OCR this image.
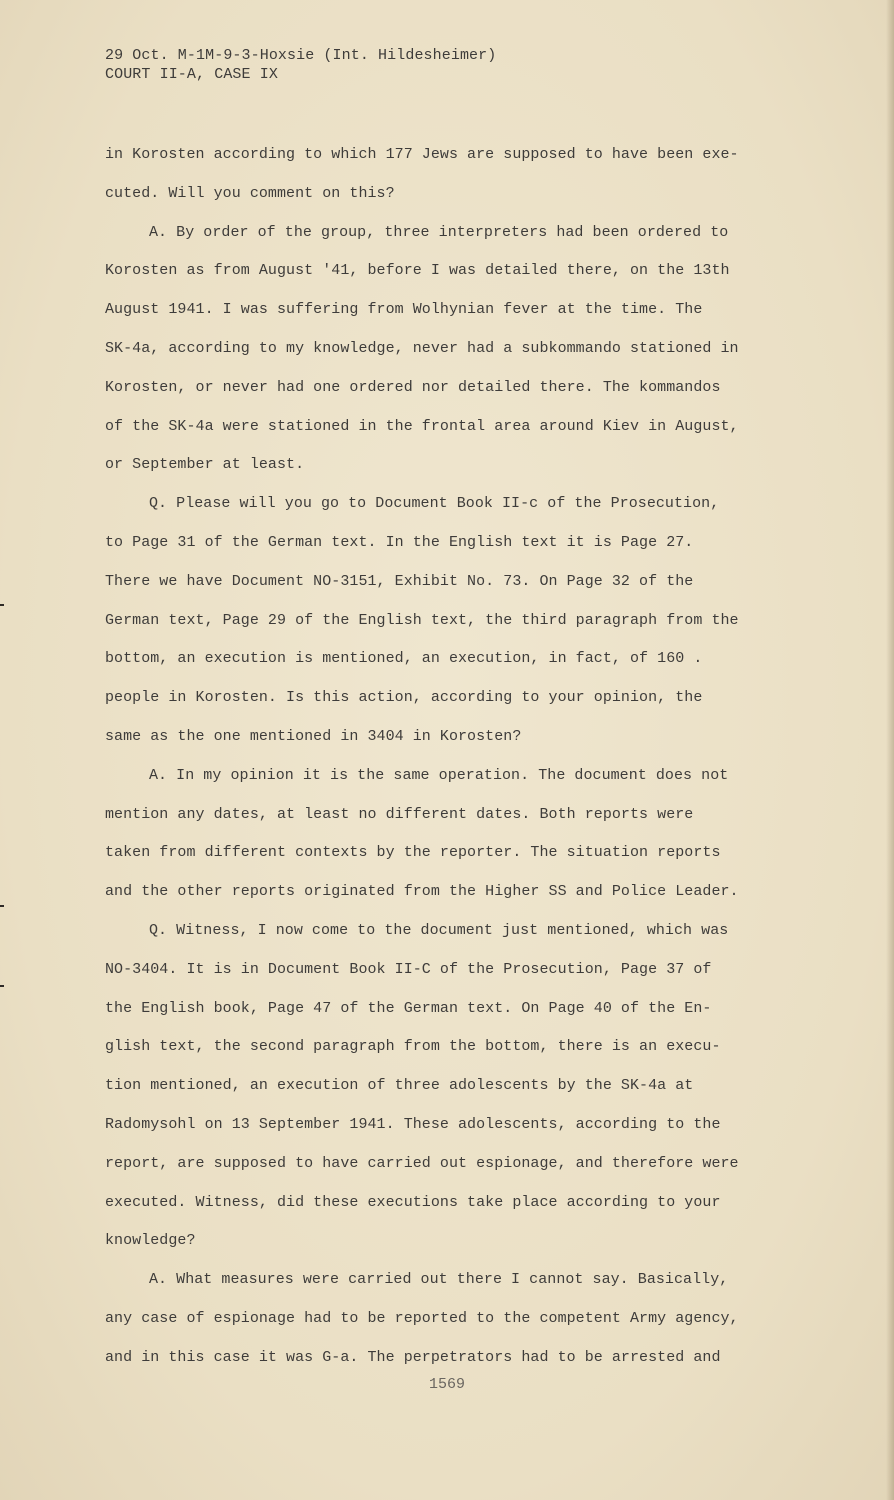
29 Oct. M-1M-9-3-Hoxsie (Int. Hildesheimer)
COURT II-A, CASE IX
in Korosten according to which 177 Jews are supposed to have been exe-
cuted. Will you comment on this?
A. By order of the group, three interpreters had been ordered to
Korosten as from August '41, before I was detailed there, on the 13th
August 1941. I was suffering from Wolhynian fever at the time. The
SK-4a, according to my knowledge, never had a subkommando stationed in
Korosten, or never had one ordered nor detailed there. The kommandos
of the SK-4a were stationed in the frontal area around Kiev in August,
or September at least.
Q. Please will you go to Document Book II-c of the Prosecution,
to Page 31 of the German text. In the English text it is Page 27.
There we have Document NO-3151, Exhibit No. 73. On Page 32 of the
German text, Page 29 of the English text, the third paragraph from the
bottom, an execution is mentioned, an execution, in fact, of 160 .
people in Korosten. Is this action, according to your opinion, the
same as the one mentioned in 3404 in Korosten?
A. In my opinion it is the same operation. The document does not
mention any dates, at least no different dates. Both reports were
taken from different contexts by the reporter. The situation reports
and the other reports originated from the Higher SS and Police Leader.
Q. Witness, I now come to the document just mentioned, which was
NO-3404. It is in Document Book II-C of the Prosecution, Page 37 of
the English book, Page 47 of the German text. On Page 40 of the En-
glish text, the second paragraph from the bottom, there is an execu-
tion mentioned, an execution of three adolescents by the SK-4a at
Radomysohl on 13 September 1941. These adolescents, according to the
report, are supposed to have carried out espionage, and therefore were
executed. Witness, did these executions take place according to your
knowledge?
A. What measures were carried out there I cannot say. Basically,
any case of espionage had to be reported to the competent Army agency,
and in this case it was G-a. The perpetrators had to be arrested and
1569
